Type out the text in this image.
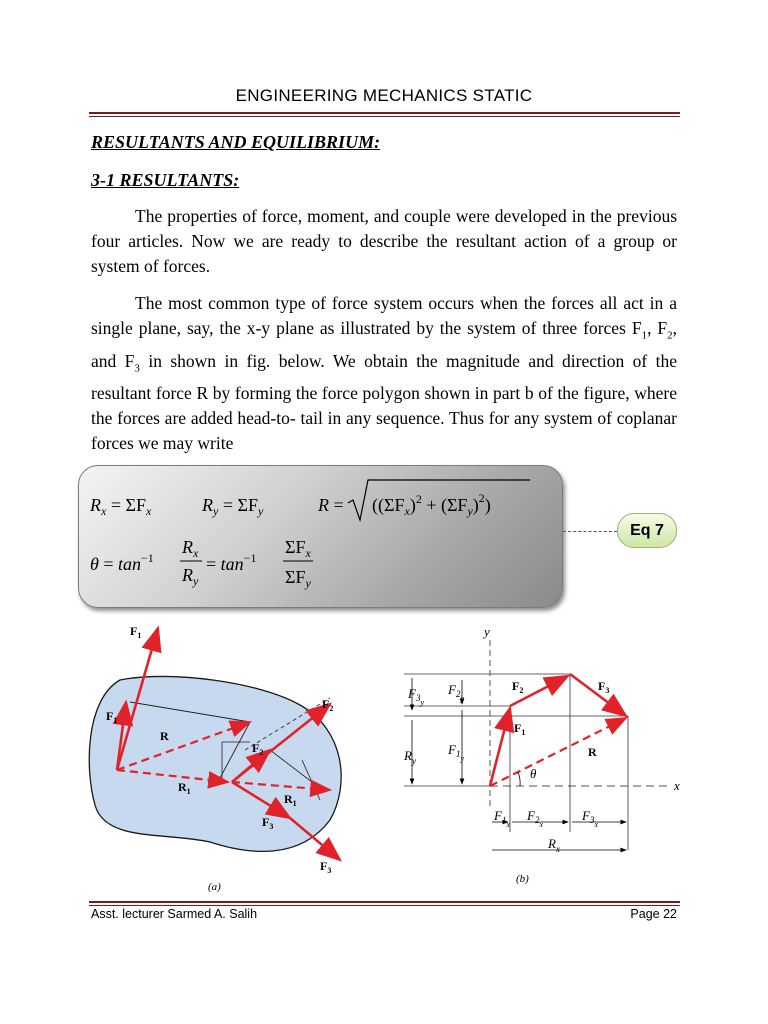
ENGINEERING MECHANICS STATIC
RESULTANTS AND EQUILIBRIUM:
3-1 RESULTANTS:

The properties of force, moment, and couple were developed in the previous four articles. Now we are ready to describe the resultant action of a group or system of forces.

The most common type of force system occurs when the forces all act in a single plane, say, the x-y plane as illustrated by the system of three forces $F_1$, $F_2$, and $F_3$ in shown in fig. below. We obtain the magnitude and direction of the resultant force R by forming the force polygon shown in part b of the figure, where the forces are added head-to- tail in any sequence. Thus for any system of coplanar forces we may write

$R_x = \Sigma F_x$	$R_y = \Sigma F_y$	$R = ((\Sigma F_x)^2 + (\Sigma F_y)^2)$
$\theta = \tan^{-1}$
$R_x$
$R_y$
= $\tan^{-1}$
$\Sigma F_x$
$\Sigma F_y$
Eq 7
$F_1$
$F_1$
R
$R_1$
$F_2$
$F_2$
$R_1$
$F_3$
$F_3$
(a)
y
x
$F_{3y}$
$F_{2y}$
$R_y$
$F_{1y}$
$F_{1x}$
$F_{2x}$
$F_{3x}$
$R_x$
θ
$F_1$
$F_2$	$F_3$
R
(b)
Asst. lecturer Sarmed A. Salih	Page 22
